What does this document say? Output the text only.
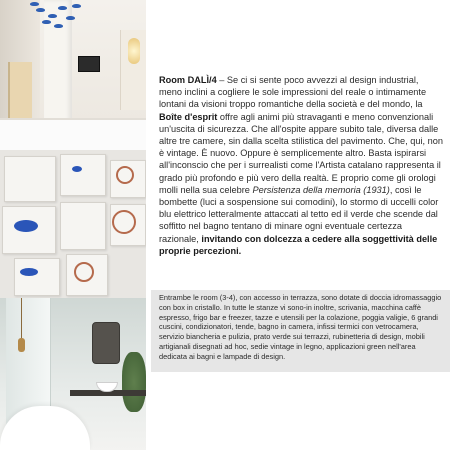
Room DALÌ/4 – Se ci si sente poco avvezzi al design industrial, meno inclini a cogliere le sole impressioni del reale o intimamente lontani da visioni troppo romantiche della società e del mondo, la Boîte d'esprit offre agli animi più stravaganti e meno convenzionali un'uscita di sicurezza. Che all'ospite appare subito tale, diversa dalle altre tre camere, sin dalla scelta stilistica del pavimento. Che, qui, non è vintage. È nuovo. Oppure è semplicemente altro. Basta ispirarsi all'inconscio che per i surrealisti come l'Artista catalano rappresenta il grado più profondo e più vero della realtà. E proprio come gli orologi molli nella sua celebre Persistenza della memoria (1931), così le bombette (luci a sospensione sui comodini), lo stormo di uccelli color blu elettrico letteralmente attaccati al tetto ed il verde che scende dal soffitto nel bagno tentano di minare ogni eventuale certezza razionale, invitando con dolcezza a cedere alla soggettività delle proprie percezioni.

Entrambe le room (3-4), con accesso in terrazza, sono dotate di doccia idromassaggio con box in cristallo. In tutte le stanze vi sono-in inoltre, scrivania, macchina caffè espresso, frigo bar e freezer, tazze e utensili per la colazione, poggia valigie, 6 grandi cuscini, condizionatori, tende, bagno in camera, infissi termici con vetrocamera, servizio biancheria e pulizia, prato verde sui terrazzi, rubinetteria di design, mobili artigianali disegnati ad hoc, sedie vintage in legno, applicazioni green nell'area dedicata ai bagni e lampade di design.
